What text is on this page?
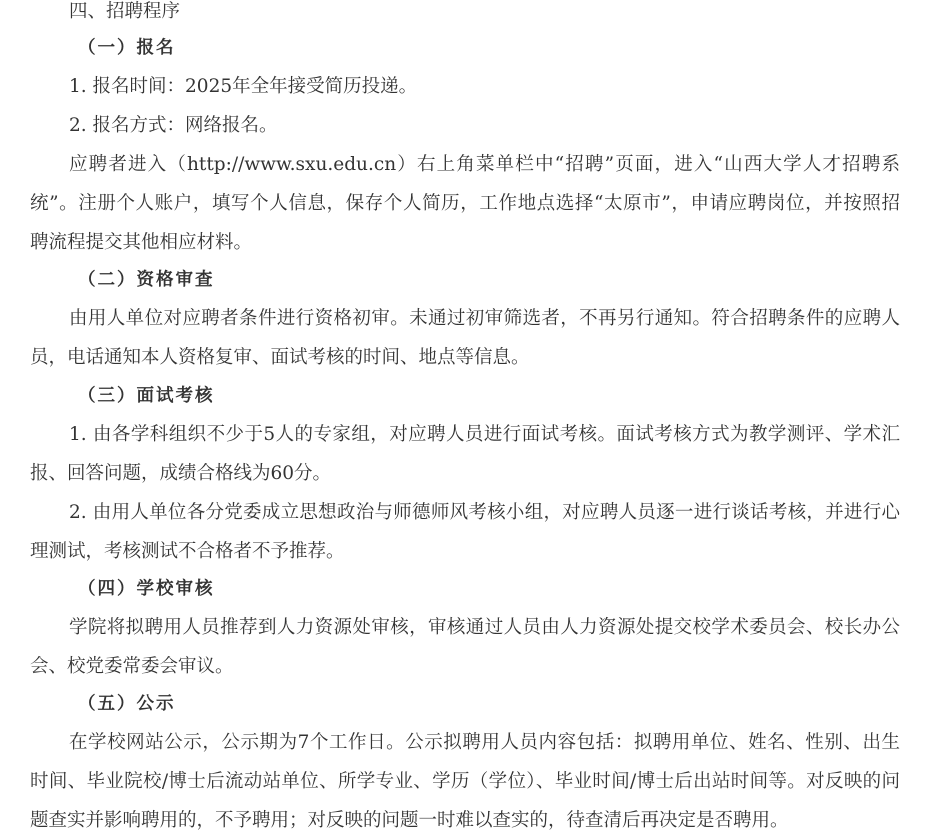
四、招聘程序
（一）报名
1. 报名时间：2025年全年接受简历投递。
2. 报名方式：网络报名。
应聘者进入（http://www.sxu.edu.cn）右上角菜单栏中“招聘”页面，进入“山西大学人才招聘系
统”。注册个人账户，填写个人信息，保存个人简历，工作地点选择“太原市”，申请应聘岗位，并按照招
聘流程提交其他相应材料。
（二）资格审查
由用人单位对应聘者条件进行资格初审。未通过初审筛选者，不再另行通知。符合招聘条件的应聘人
员，电话通知本人资格复审、面试考核的时间、地点等信息。
（三）面试考核
1. 由各学科组织不少于5人的专家组，对应聘人员进行面试考核。面试考核方式为教学测评、学术汇
报、回答问题，成绩合格线为60分。
2. 由用人单位各分党委成立思想政治与师德师风考核小组，对应聘人员逐一进行谈话考核，并进行心
理测试，考核测试不合格者不予推荐。
（四）学校审核
学院将拟聘用人员推荐到人力资源处审核，审核通过人员由人力资源处提交校学术委员会、校长办公
会、校党委常委会审议。
（五）公示
在学校网站公示，公示期为7个工作日。公示拟聘用人员内容包括：拟聘用单位、姓名、性别、出生
时间、毕业院校/博士后流动站单位、所学专业、学历（学位）、毕业时间/博士后出站时间等。对反映的问
题查实并影响聘用的，不予聘用；对反映的问题一时难以查实的，待查清后再决定是否聘用。
